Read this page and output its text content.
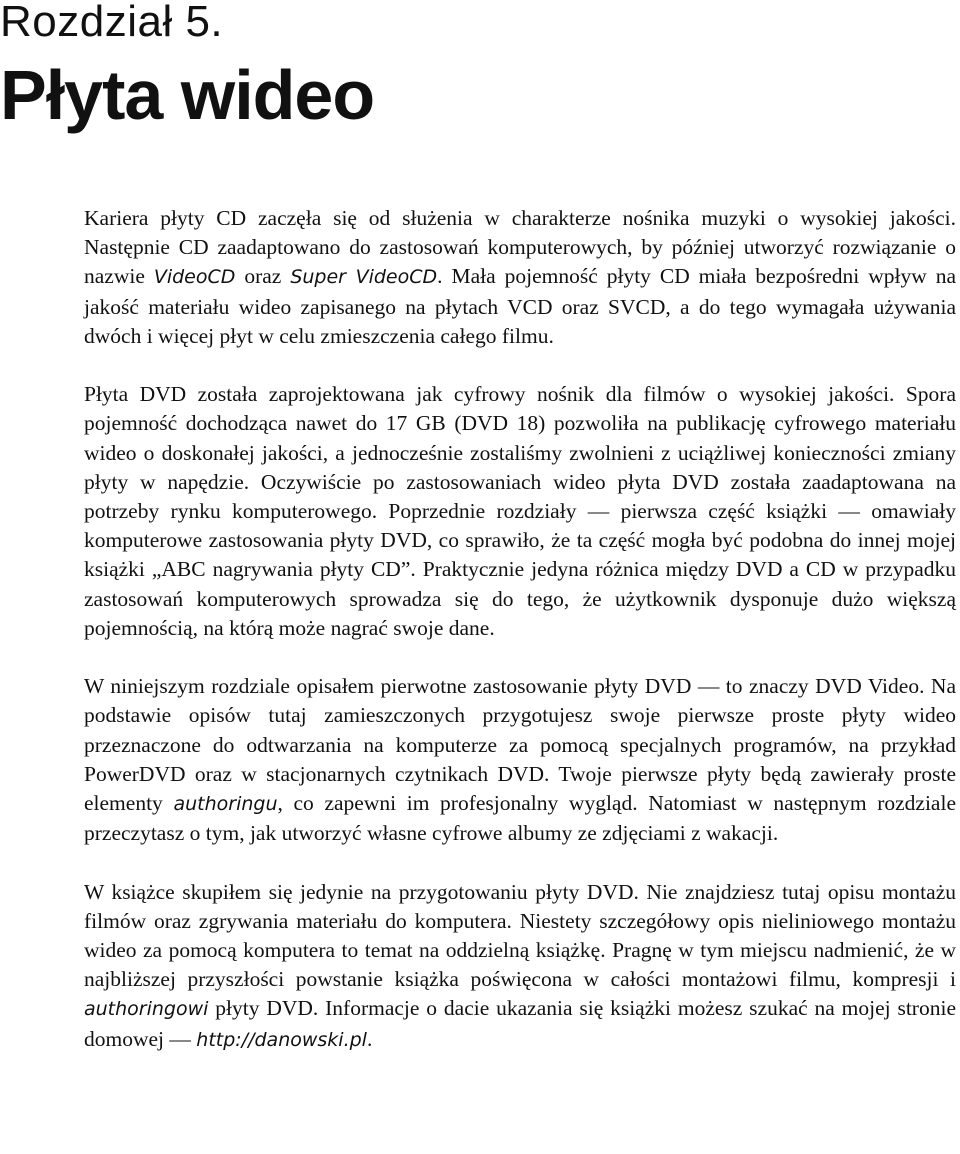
Rozdział 5.
Płyta wideo

Kariera płyty CD zaczęła się od służenia w charakterze nośnika muzyki o wysokiej jakości. Następnie CD zaadaptowano do zastosowań komputerowych, by później utworzyć rozwiązanie o nazwie VideoCD oraz Super VideoCD. Mała pojemność płyty CD miała bezpośredni wpływ na jakość materiału wideo zapisanego na płytach VCD oraz SVCD, a do tego wymagała używania dwóch i więcej płyt w celu zmieszczenia całego filmu.

Płyta DVD została zaprojektowana jak cyfrowy nośnik dla filmów o wysokiej jakości. Spora pojemność dochodząca nawet do 17 GB (DVD 18) pozwoliła na publikację cyfrowego materiału wideo o doskonałej jakości, a jednocześnie zostaliśmy zwolnieni z uciążliwej konieczności zmiany płyty w napędzie. Oczywiście po zastosowaniach wideo płyta DVD została zaadaptowana na potrzeby rynku komputerowego. Poprzednie rozdziały — pierwsza część książki — omawiały komputerowe zastosowania płyty DVD, co sprawiło, że ta część mogła być podobna do innej mojej książki „ABC nagrywania płyty CD”. Praktycznie jedyna różnica między DVD a CD w przypadku zastosowań komputerowych sprowadza się do tego, że użytkownik dysponuje dużo większą pojemnością, na którą może nagrać swoje dane.

W niniejszym rozdziale opisałem pierwotne zastosowanie płyty DVD — to znaczy DVD Video. Na podstawie opisów tutaj zamieszczonych przygotujesz swoje pierwsze proste płyty wideo przeznaczone do odtwarzania na komputerze za pomocą specjalnych programów, na przykład PowerDVD oraz w stacjonarnych czytnikach DVD. Twoje pierwsze płyty będą zawierały proste elementy authoringu, co zapewni im profesjonalny wygląd. Natomiast w następnym rozdziale przeczytasz o tym, jak utworzyć własne cyfrowe albumy ze zdjęciami z wakacji.

W książce skupiłem się jedynie na przygotowaniu płyty DVD. Nie znajdziesz tutaj opisu montażu filmów oraz zgrywania materiału do komputera. Niestety szczegółowy opis nieliniowego montażu wideo za pomocą komputera to temat na oddzielną książkę. Pragnę w tym miejscu nadmienić, że w najbliższej przyszłości powstanie książka poświęcona w całości montażowi filmu, kompresji i authoringowi płyty DVD. Informacje o dacie ukazania się książki możesz szukać na mojej stronie domowej — http://danowski.pl.
